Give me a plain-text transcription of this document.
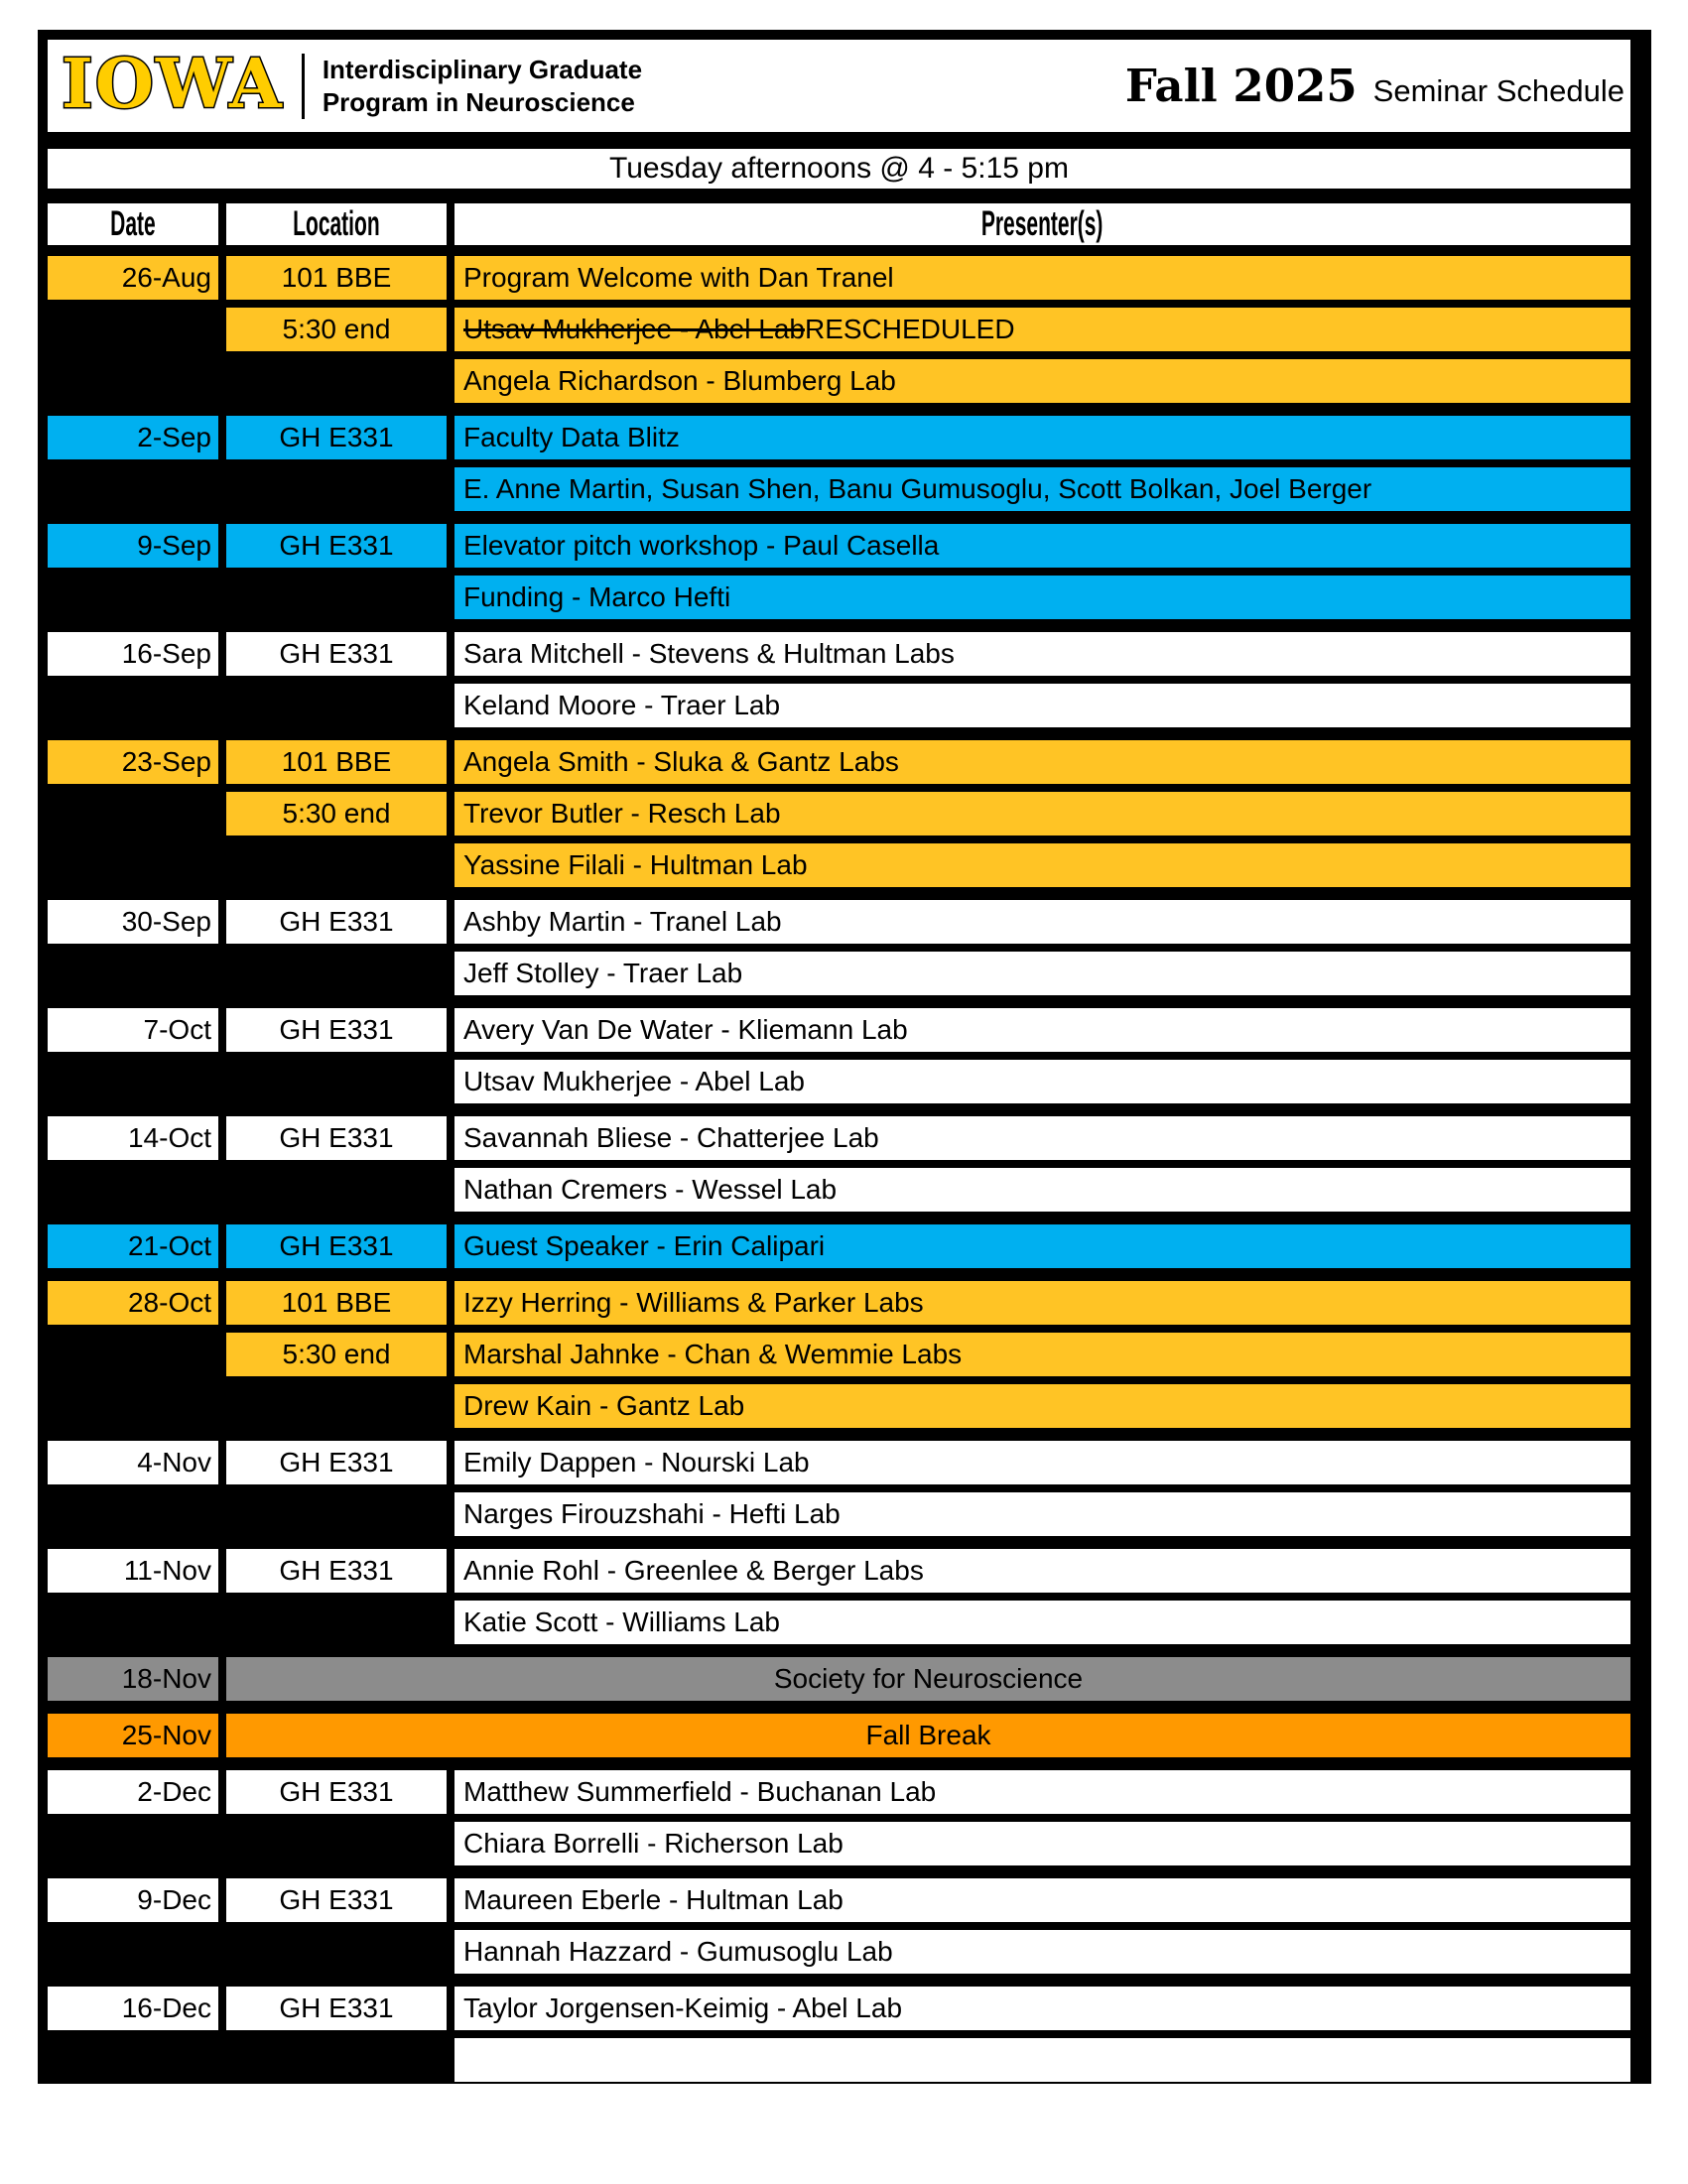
IOWA Interdisciplinary Graduate
Program in Neuroscience	Fall 2025 Seminar Schedule
Tuesday afternoons @ 4 - 5:15 pm
Date	Location	Presenter(s)
26-Aug	101 BBE	Program Welcome with Dan Tranel
5:30 end	Utsav Mukherjee - Abel Lab RESCHEDULED
Angela Richardson - Blumberg Lab
2-Sep	GH E331	Faculty Data Blitz
E. Anne Martin, Susan Shen, Banu Gumusoglu, Scott Bolkan, Joel Berger
9-Sep	GH E331	Elevator pitch workshop - Paul Casella
Funding - Marco Hefti
16-Sep	GH E331	Sara Mitchell - Stevens & Hultman Labs
Keland Moore - Traer Lab
23-Sep	101 BBE	Angela Smith - Sluka & Gantz Labs
5:30 end	Trevor Butler - Resch Lab
Yassine Filali - Hultman Lab
30-Sep	GH E331	Ashby Martin - Tranel Lab
Jeff Stolley - Traer Lab
7-Oct	GH E331	Avery Van De Water - Kliemann Lab
Utsav Mukherjee - Abel Lab
14-Oct	GH E331	Savannah Bliese - Chatterjee Lab
Nathan Cremers - Wessel Lab
21-Oct	GH E331	Guest Speaker - Erin Calipari
28-Oct	101 BBE	Izzy Herring - Williams & Parker Labs
5:30 end	Marshal Jahnke - Chan & Wemmie Labs
Drew Kain - Gantz Lab
4-Nov	GH E331	Emily Dappen - Nourski Lab
Narges Firouzshahi - Hefti Lab
11-Nov	GH E331	Annie Rohl - Greenlee & Berger Labs
Katie Scott - Williams Lab
18-Nov	Society for Neuroscience
25-Nov	Fall Break
2-Dec	GH E331	Matthew Summerfield - Buchanan Lab
Chiara Borrelli - Richerson Lab
9-Dec	GH E331	Maureen Eberle - Hultman Lab
Hannah Hazzard - Gumusoglu Lab
16-Dec	GH E331	Taylor Jorgensen-Keimig - Abel Lab
